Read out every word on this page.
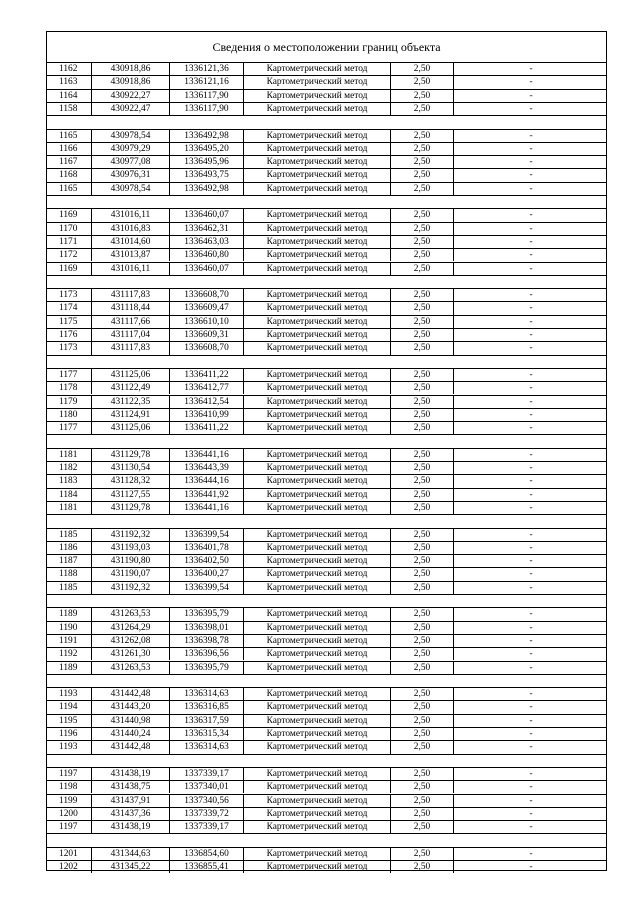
Сведения о местоположении границ объекта
1162	430918,86	1336121,36	Картометрический метод	2,50	-
1163	430918,86	1336121,16	Картометрический метод	2,50	-
1164	430922,27	1336117,90	Картометрический метод	2,50	-
1158	430922,47	1336117,90	Картометрический метод	2,50	-
1165	430978,54	1336492,98	Картометрический метод	2,50	-
1166	430979,29	1336495,20	Картометрический метод	2,50	-
1167	430977,08	1336495,96	Картометрический метод	2,50	-
1168	430976,31	1336493,75	Картометрический метод	2,50	-
1165	430978,54	1336492,98	Картометрический метод	2,50	-
1169	431016,11	1336460,07	Картометрический метод	2,50	-
1170	431016,83	1336462,31	Картометрический метод	2,50	-
1171	431014,60	1336463,03	Картометрический метод	2,50	-
1172	431013,87	1336460,80	Картометрический метод	2,50	-
1169	431016,11	1336460,07	Картометрический метод	2,50	-
1173	431117,83	1336608,70	Картометрический метод	2,50	-
1174	431118,44	1336609,47	Картометрический метод	2,50	-
1175	431117,66	1336610,10	Картометрический метод	2,50	-
1176	431117,04	1336609,31	Картометрический метод	2,50	-
1173	431117,83	1336608,70	Картометрический метод	2,50	-
1177	431125,06	1336411,22	Картометрический метод	2,50	-
1178	431122,49	1336412,77	Картометрический метод	2,50	-
1179	431122,35	1336412,54	Картометрический метод	2,50	-
1180	431124,91	1336410,99	Картометрический метод	2,50	-
1177	431125,06	1336411,22	Картометрический метод	2,50	-
1181	431129,78	1336441,16	Картометрический метод	2,50	-
1182	431130,54	1336443,39	Картометрический метод	2,50	-
1183	431128,32	1336444,16	Картометрический метод	2,50	-
1184	431127,55	1336441,92	Картометрический метод	2,50	-
1181	431129,78	1336441,16	Картометрический метод	2,50	-
1185	431192,32	1336399,54	Картометрический метод	2,50	-
1186	431193,03	1336401,78	Картометрический метод	2,50	-
1187	431190,80	1336402,50	Картометрический метод	2,50	-
1188	431190,07	1336400,27	Картометрический метод	2,50	-
1185	431192,32	1336399,54	Картометрический метод	2,50	-
1189	431263,53	1336395,79	Картометрический метод	2,50	-
1190	431264,29	1336398,01	Картометрический метод	2,50	-
1191	431262,08	1336398,78	Картометрический метод	2,50	-
1192	431261,30	1336396,56	Картометрический метод	2,50	-
1189	431263,53	1336395,79	Картометрический метод	2,50	-
1193	431442,48	1336314,63	Картометрический метод	2,50	-
1194	431443,20	1336316,85	Картометрический метод	2,50	-
1195	431440,98	1336317,59	Картометрический метод	2,50	-
1196	431440,24	1336315,34	Картометрический метод	2,50	-
1193	431442,48	1336314,63	Картометрический метод	2,50	-
1197	431438,19	1337339,17	Картометрический метод	2,50	-
1198	431438,75	1337340,01	Картометрический метод	2,50	-
1199	431437,91	1337340,56	Картометрический метод	2,50	-
1200	431437,36	1337339,72	Картометрический метод	2,50	-
1197	431438,19	1337339,17	Картометрический метод	2,50	-
1201	431344,63	1336854,60	Картометрический метод	2,50	-
1202	431345,22	1336855,41	Картометрический метод	2,50	-
